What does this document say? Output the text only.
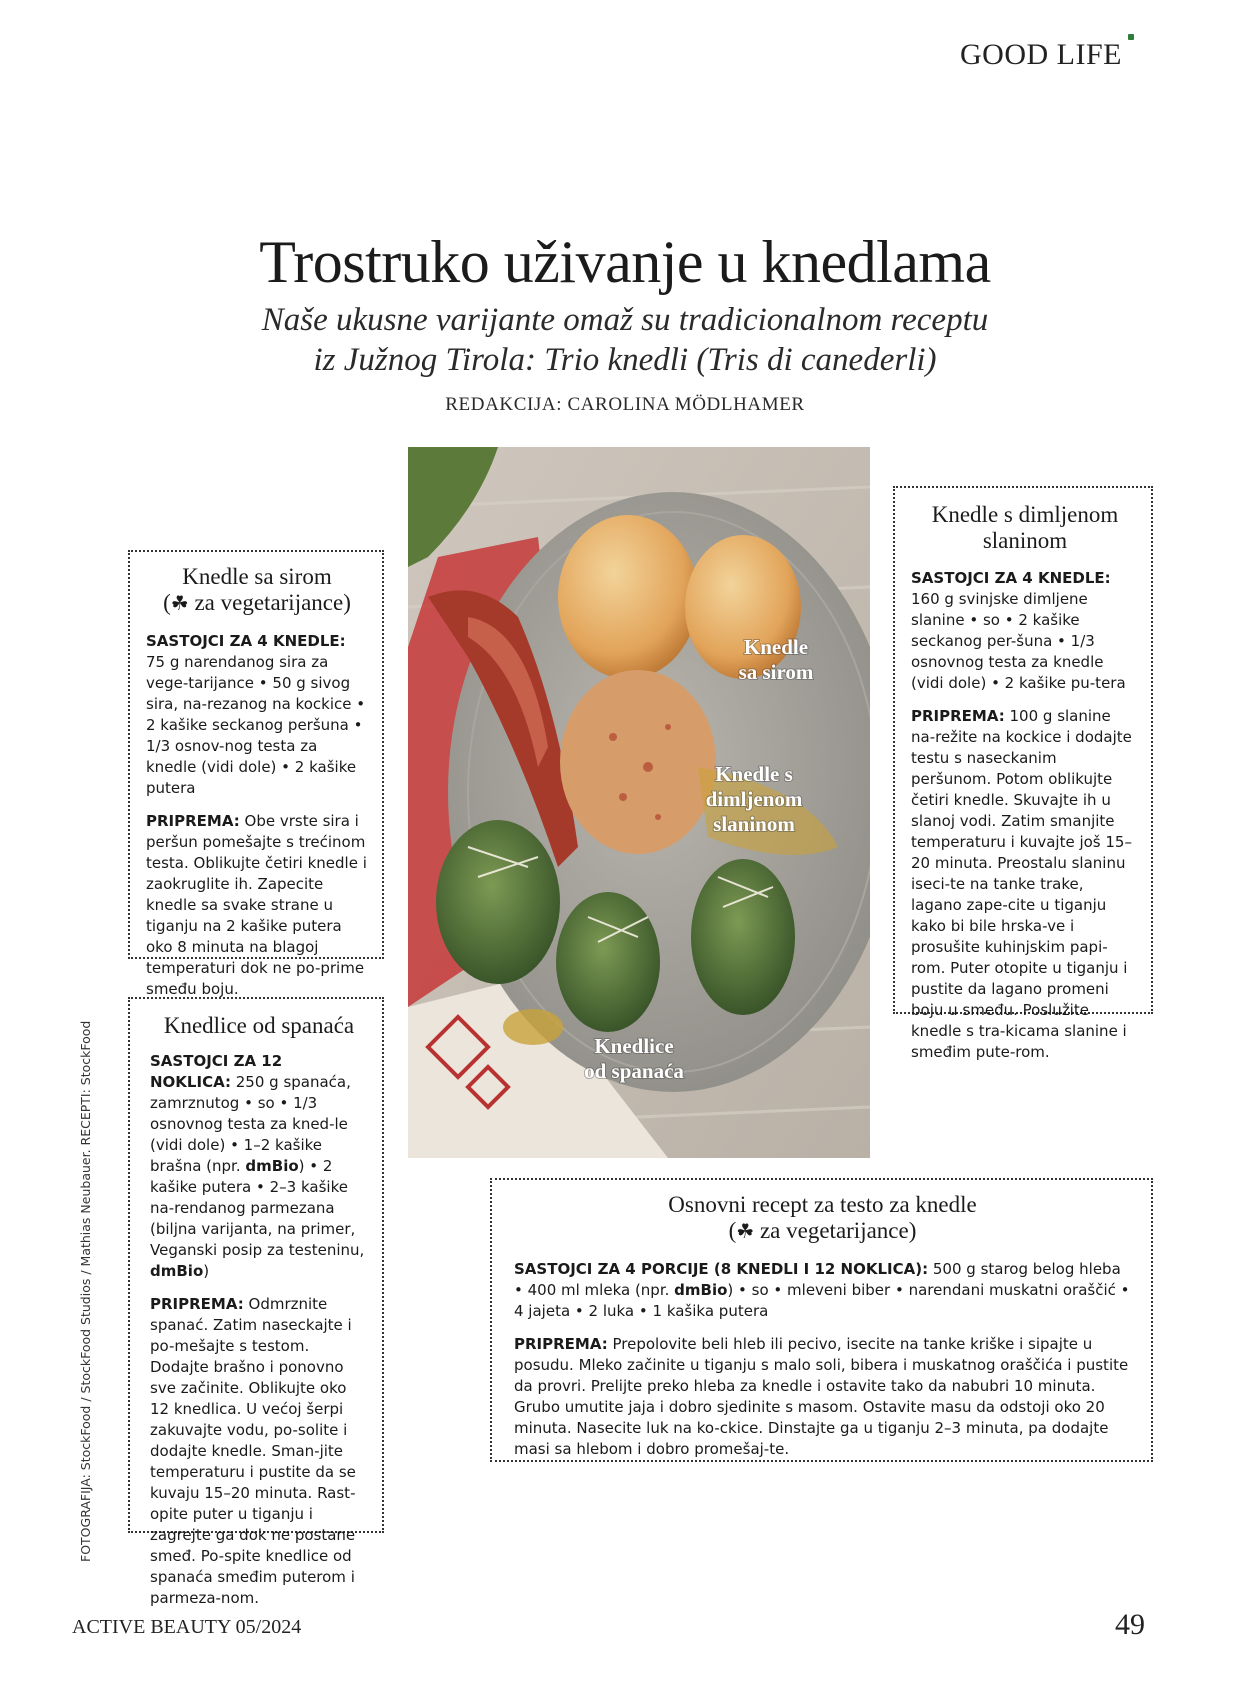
GOOD LIFE
Trostruko uživanje u knedlama
Naše ukusne varijante omaž su tradicionalnom receptu
iz Južnog Tirola: Trio knedli (Tris di canederli)
REDAKCIJA: CAROLINA MÖDLHAMER
Knedle sa sirom
(☘ za vegetarijance)

SASTOJCI ZA 4 KNEDLE:
75 g narendanog sira za vege-tarijance • 50 g sivog sira, na-rezanog na kockice • 2 kašike seckanog peršuna • 1/3 osnov-nog testa za knedle (vidi dole) • 2 kašike putera

PRIPREMA: Obe vrste sira i peršun pomešajte s trećinom testa. Oblikujte četiri knedle i zaokruglite ih. Zapecite knedle sa svake strane u tiganju na 2 kašike putera oko 8 minuta na blagoj temperaturi dok ne po-prime smeđu boju.

Knedlice od spanaća

SASTOJCI ZA 12 NOKLICA: 250 g spanaća, zamrznutog • so • 1/3 osnovnog testa za kned-le (vidi dole) • 1–2 kašike brašna (npr. dmBio) • 2 kašike putera • 2–3 kašike na-rendanog parmezana (biljna varijanta, na primer, Veganski posip za testeninu, dmBio)

PRIPREMA: Odmrznite spanać. Zatim naseckajte i po-mešajte s testom. Dodajte brašno i ponovno sve začinite. Oblikujte oko 12 knedlica. U većoj šerpi zakuvajte vodu, po-solite i dodajte knedle. Sman-jite temperaturu i pustite da se kuvaju 15–20 minuta. Rast-opite puter u tiganju i zagrejte ga dok ne postane smeđ. Po-spite knedlice od spanaća smeđim puterom i parmeza-nom.

Knedle
sa sirom
Knedle s
dimljenom
slaninom
Knedlice
od spanaća
Knedle s dimljenom
slaninom

SASTOJCI ZA 4 KNEDLE:
160 g svinjske dimljene slanine • so • 2 kašike seckanog per-šuna • 1/3 osnovnog testa za knedle (vidi dole) • 2 kašike pu-tera

PRIPREMA: 100 g slanine na-režite na kockice i dodajte testu s naseckanim peršunom. Potom oblikujte četiri knedle. Skuvajte ih u slanoj vodi. Zatim smanjite temperaturu i kuvajte još 15–20 minuta. Preostalu slaninu iseci-te na tanke trake, lagano zape-cite u tiganju kako bi bile hrska-ve i prosušite kuhinjskim papi-rom. Puter otopite u tiganju i pustite da lagano promeni boju u smeđu. Poslužite knedle s tra-kicama slanine i smeđim pute-rom.

Osnovni recept za testo za knedle
(☘ za vegetarijance)

SASTOJCI ZA 4 PORCIJE (8 KNEDLI I 12 NOKLICA): 500 g starog belog hleba • 400 ml mleka (npr. dmBio) • so • mleveni biber • narendani muskatni oraščić • 4 jajeta • 2 luka • 1 kašika putera

PRIPREMA: Prepolovite beli hleb ili pecivo, isecite na tanke kriške i sipajte u posudu. Mleko začinite u tiganju s malo soli, bibera i muskatnog oraščića i pustite da provri. Prelijte preko hleba za knedle i ostavite tako da nabubri 10 minuta. Grubo umutite jaja i dobro sjedinite s masom. Ostavite masu da odstoji oko 20 minuta. Nasecite luk na ko-ckice. Dinstajte ga u tiganju 2–3 minuta, pa dodajte masi sa hlebom i dobro promešaj-te.

FOTOGRAFIJA: StockFood / StockFood Studios / Mathias Neubauer. RECEPTI: StockFood
ACTIVE BEAUTY 05/2024	49
